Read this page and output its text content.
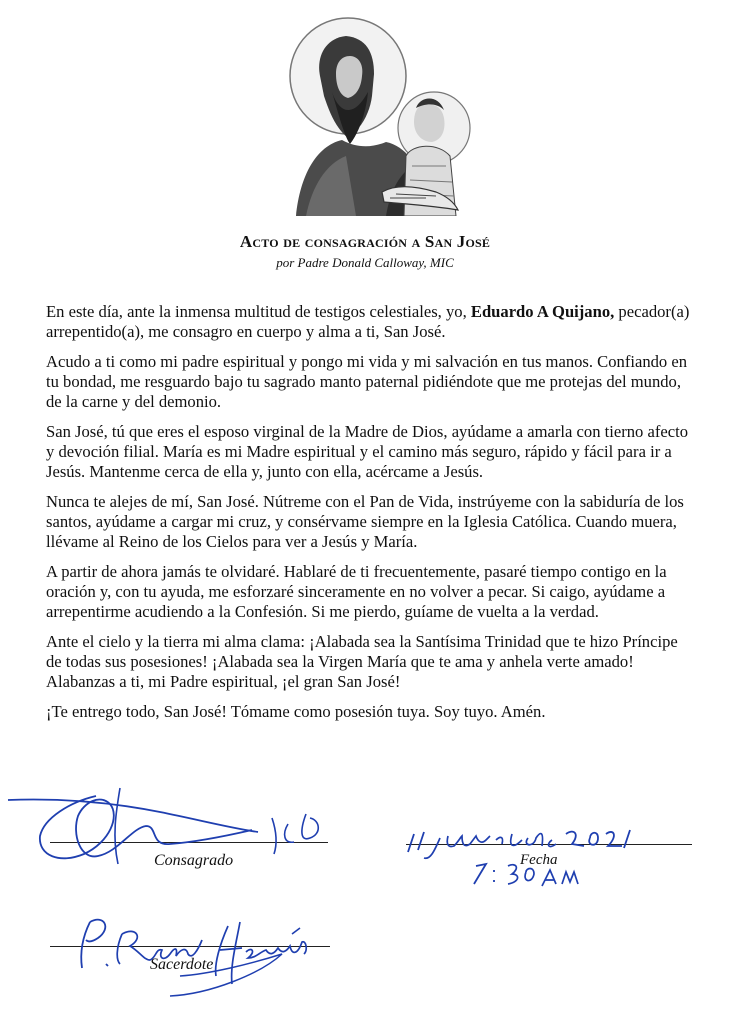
Acto de consagración a San José
por Padre Donald Calloway, MIC

En este día, ante la inmensa multitud de testigos celestiales, yo, Eduardo A Quijano, pecador(a) arrepentido(a), me consagro en cuerpo y alma a ti, San José.

Acudo a ti como mi padre espiritual y pongo mi vida y mi salvación en tus manos. Confiando en tu bondad, me resguardo bajo tu sagrado manto paternal pidiéndote que me protejas del mundo, de la carne y del demonio.

San José, tú que eres el esposo virginal de la Madre de Dios, ayúdame a amarla con tierno afecto y devoción filial. María es mi Madre espiritual y el camino más seguro, rápido y fácil para ir a Jesús. Mantenme cerca de ella y, junto con ella, acércame a Jesús.

Nunca te alejes de mí, San José. Nútreme con el Pan de Vida, instrúyeme con la sabiduría de los santos, ayúdame a cargar mi cruz, y consérvame siempre en la Iglesia Católica. Cuando muera, llévame al Reino de los Cielos para ver a Jesús y María.

A partir de ahora jamás te olvidaré. Hablaré de ti frecuentemente, pasaré tiempo contigo en la oración y, con tu ayuda, me esforzaré sinceramente en no volver a pecar. Si caigo, ayúdame a arrepentirme acudiendo a la Confesión. Si me pierdo, guíame de vuelta a la verdad.

Ante el cielo y la tierra mi alma clama: ¡Alabada sea la Santísima Trinidad que te hizo Príncipe de todas sus posesiones! ¡Alabada sea la Virgen María que te ama y anhela verte amado! Alabanzas a ti, mi Padre espiritual, ¡el gran San José!

¡Te entrego todo, San José! Tómame como posesión tuya. Soy tuyo. Amén.

Consagrado	Fecha
Sacerdote
